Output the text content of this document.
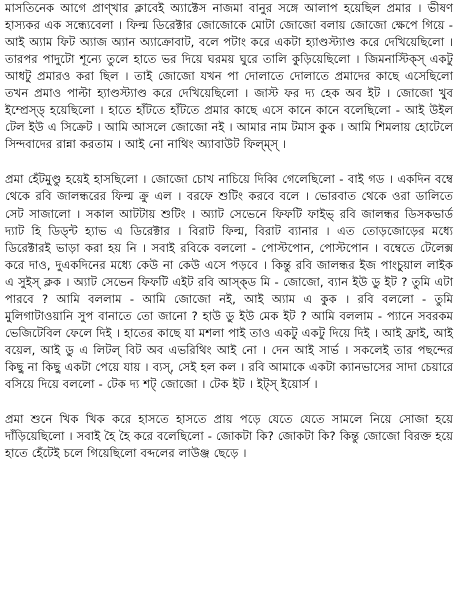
মাসতিনেক আগে প্রাণ্খার ক্লাবেই অ্যাক্টেস নাজমা বানুর সঙ্গে আলাপ হয়েছিল প্রমার । ভীষণ হাস্যকর এক সন্ধ্যেবেলা । ফিল্ম ডিরেক্টার জোজোকে মোটা জোজো বলায় জোজো ক্ষেপে গিয়ে - আই অ্যাম ফিট অ্যাজ অ্যান অ্যাক্রোবাট, বলে পটাং করে একটা হ্যাণ্ডস্ট্যাণ্ড করে দেখিয়েছিলো । তারপর পাদুটো শূন্যে তুলে হাতে ভর দিয়ে ঘরময় ঘুরে তালি কুড়িয়েছিলো । জিমনাস্টিক্স্ একটু আধটু প্রমারও করা ছিল । তাই জোজো যখন পা দোলাতে দোলাতে প্রমাদের কাছে এসেছিলো তখন প্রমাও পাল্টা হ্যাণ্ডস্ট্যাণ্ড করে দেখিয়েছিলো । জাস্ট ফর দ্য হেক অব ইট । জোজো খুব ইম্প্রেস্‌ড্ হয়েছিলো । হাতে হাঁটতে হাঁটতে প্রমার কাছে এসে কানে কানে বলেছিলো - আই উইল টেল ইউ এ সিক্রেট । আমি আসলে জোজো নই । আমার নাম টমাস কুক । আমি শিমলায় হোটেলে সিন্দবাদের রান্না করতাম । আই নো নাথিং অ্যাবাউট ফিল্ম্স্ ।

প্রমা হেঁটমুণ্ডু হয়েই হাসছিলো । জোজো চোখ নাচিয়ে দিব্বি গেলেছিলো - বাই গড । একদিন বম্বে থেকে রবি জালন্ধরের ফিল্ম ক্রু এল । বরফে শুটিং করবে বলে । ভোরবাত থেকে ওরা ডালিতে সেট সাজালো । সকাল আটটায় শুটিং । অ্যাট সেভেনে ফিফটি ফাইভ্ রবি জালন্ধর ডিসকভার্ড দ্যাট হি ডিড্ন্ট হ্যাভ এ ডিরেক্টার । বিরাট ফিল্ম, বিরাট ব্যানার । এত তোড়জোড়ের মধ্যে ডিরেক্টারই ভাড়া করা হয় নি । সবাই রবিকে বললো - পোস্টপোন, পোস্টপোন । বম্বেতে টেলেক্স করে দাও, দুএকদিনের মধ্যে কেউ না কেউ এসে পড়বে । কিন্তু রবি জালন্ধর ইজ পাংচুয়াল লাইক এ সুইস্ ক্লক । অ্যাট সেভেন ফিফটি এইট রবি আস্ক্‌ড মি - জোজো, ব্যান ইউ ডু ইট ? তুমি এটা পারবে ? আমি বললাম - আমি জোজো নই, আই অ্যাম এ কুক । রবি বললো - তুমি মুলিগাটাওয়ানি সুপ বানাতে তো জানো ? হাউ ডু ইউ মেক ইট ? আমি বললাম - প্যানে সবরকম ভেজিটেবিল ফেলে দিই । হাতের কাছে যা মশলা পাই তাও একটু একটু দিয়ে দিই । আই ফ্রাই, আই বয়েল, আই ডু এ লিটল্ বিট অব এভরিথিং আই নো । দেন আই সার্ভ । সকলেই তার পছন্দের কিছু না কিছু একটা পেয়ে যায় । ব্যস্, সেই হল কল । রবি আমাকে একটা ক্যানভাসের সাদা চেয়ারে বসিয়ে দিয়ে বললো - টেক দ্য শট্ জোজো । টেক ইট । ইট্স্ ইয়োর্স ।

প্রমা শুনে খিক খিক করে হাসতে হাসতে প্রায় পড়ে যেতে যেতে সামলে নিয়ে সোজা হয়ে দাঁড়িয়েছিলো । সবাই হৈ হৈ করে বলেছিলো - জোকটা কি? জোকটা কি? কিন্তু জোজো বিরক্ত হয়ে হাতে হেঁটেই চলে গিয়েছিলো বব্দলের লাউঞ্জ ছেড়ে ।
